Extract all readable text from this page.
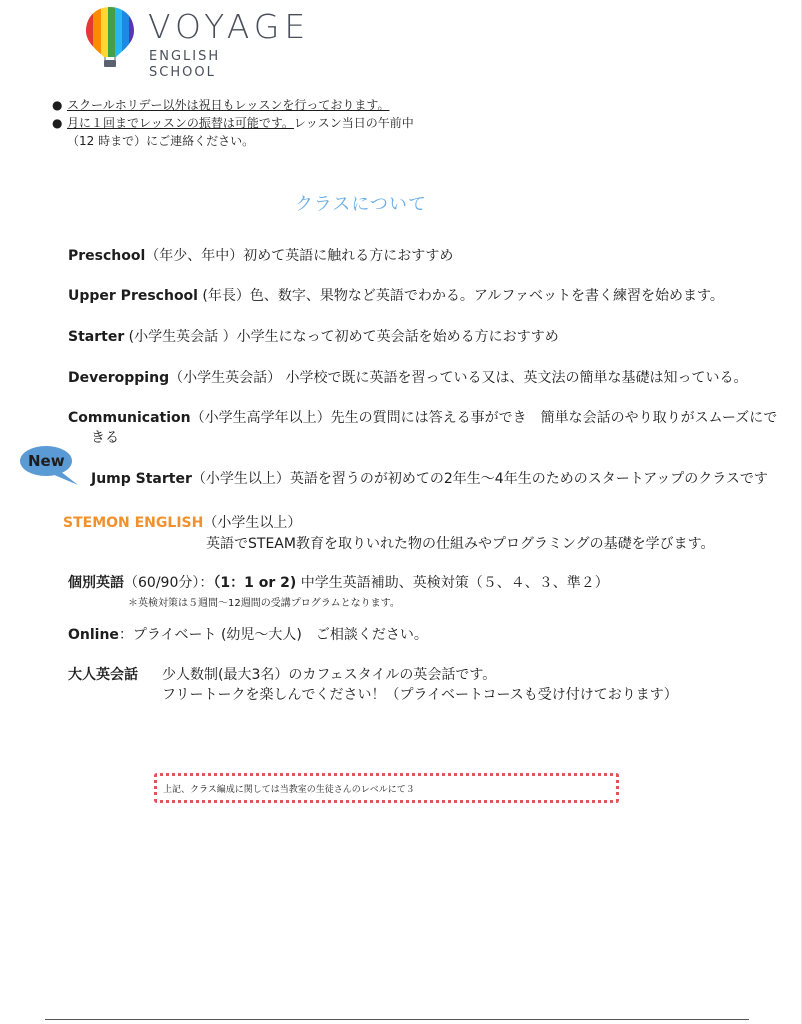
VOYAGE
ENGLISH SCHOOL
● スクールホリデー以外は祝日もレッスンを行っております。
● 月に１回までレッスンの振替は可能です。レッスン当日の午前中
（12 時まで）にご連絡ください。
クラスについて
Preschool（年少、年中）初めて英語に触れる方におすすめ
Upper Preschool (年長）色、数字、果物など英語でわかる。アルファベットを書く練習を始めます。
Starter (小学生英会話 ）小学生になって初めて英会話を始める方におすすめ
Deveropping（小学生英会話） 小学校で既に英語を習っている又は、英文法の簡単な基礎は知っている。
Communication（小学生高学年以上）先生の質問には答える事ができ　簡単な会話のやり取りがスムーズにで
きる
New
Jump Starter（小学生以上）英語を習うのが初めての2年生〜4年生のためのスタートアップのクラスです
STEMON ENGLISH（小学生以上）
英語でSTEAM教育を取りいれた物の仕組みやプログラミングの基礎を学びます。
個別英語（60/90分）：（1：1 or 2) 中学生英語補助、英検対策（５、４、３、準２）
＊英検対策は５週間〜12週間の受講プログラムとなります。
Online：プライベート (幼児〜大人)　ご相談ください。
大人英会話 少人数制(最大3名）のカフェスタイルの英会話です。
フリートークを楽しんでください！（プライベートコースも受け付けております）
上記、クラス編成に関しては当教室の生徒さんのレベルにて３
